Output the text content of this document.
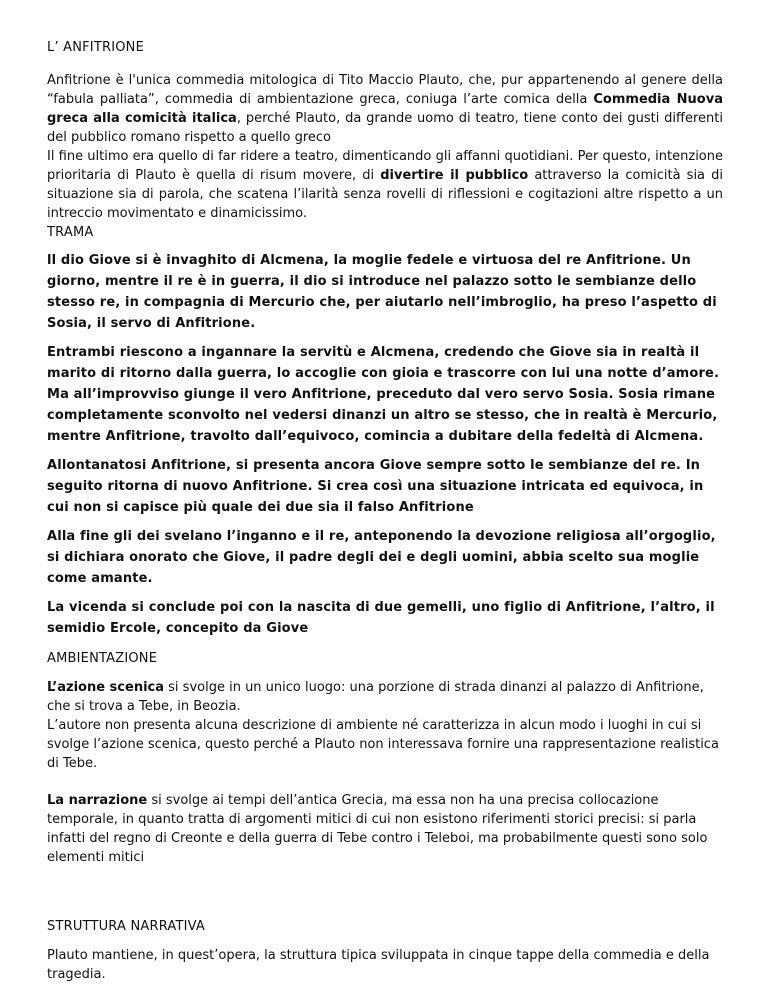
L’ ANFITRIONE

Anfitrione è l'unica commedia mitologica di Tito Maccio Plauto, che, pur appartenendo al genere della “fabula palliata”, commedia di ambientazione greca, coniuga l’arte comica della Commedia Nuova greca alla comicità italica, perché Plauto, da grande uomo di teatro, tiene conto dei gusti differenti del pubblico romano rispetto a quello greco

Il fine ultimo era quello di far ridere a teatro, dimenticando gli affanni quotidiani. Per questo, intenzione prioritaria di Plauto è quella di risum movere, di divertire il pubblico attraverso la comicità sia di situazione sia di parola, che scatena l’ilarità senza rovelli di riflessioni e cogitazioni altre rispetto a un intreccio movimentato e dinamicissimo.

TRAMA

ll dio Giove si è invaghito di Alcmena, la moglie fedele e virtuosa del re Anfitrione. Un giorno, mentre il re è in guerra, il dio si introduce nel palazzo sotto le sembianze dello stesso re, in compagnia di Mercurio che, per aiutarlo nell’imbroglio, ha preso l’aspetto di Sosia, il servo di Anfitrione.

Entrambi riescono a ingannare la servitù e Alcmena, credendo che Giove sia in realtà il marito di ritorno dalla guerra, lo accoglie con gioia e trascorre con lui una notte d’amore. Ma all’improvviso giunge il vero Anfitrione, preceduto dal vero servo Sosia. Sosia rimane completamente sconvolto nel vedersi dinanzi un altro se stesso, che in realtà è Mercurio, mentre Anfitrione, travolto dall’equivoco, comincia a dubitare della fedeltà di Alcmena.

Allontanatosi Anfitrione, si presenta ancora Giove sempre sotto le sembianze del re. In seguito ritorna di nuovo Anfitrione. Si crea così una situazione intricata ed equivoca, in cui non si capisce più quale dei due sia il falso Anfitrione

Alla fine gli dei svelano l’inganno e il re, anteponendo la devozione religiosa all’orgoglio, si dichiara onorato che Giove, il padre degli dei e degli uomini, abbia scelto sua moglie come amante.

La vicenda si conclude poi con la nascita di due gemelli, uno figlio di Anfitrione, l’altro, il semidio Ercole, concepito da Giove

AMBIENTAZIONE

L’azione scenica si svolge in un unico luogo: una porzione di strada dinanzi al palazzo di Anfitrione, che si trova a Tebe, in Beozia.

L’autore non presenta alcuna descrizione di ambiente né caratterizza in alcun modo i luoghi in cui si svolge l’azione scenica, questo perché a Plauto non interessava fornire una rappresentazione realistica di Tebe.

La narrazione si svolge ai tempi dell’antica Grecia, ma essa non ha una precisa collocazione temporale, in quanto tratta di argomenti mitici di cui non esistono riferimenti storici precisi: si parla infatti del regno di Creonte e della guerra di Tebe contro i Teleboi, ma probabilmente questi sono solo elementi mitici

STRUTTURA NARRATIVA

Plauto mantiene, in quest’opera, la struttura tipica sviluppata in cinque tappe della commedia e della tragedia.
